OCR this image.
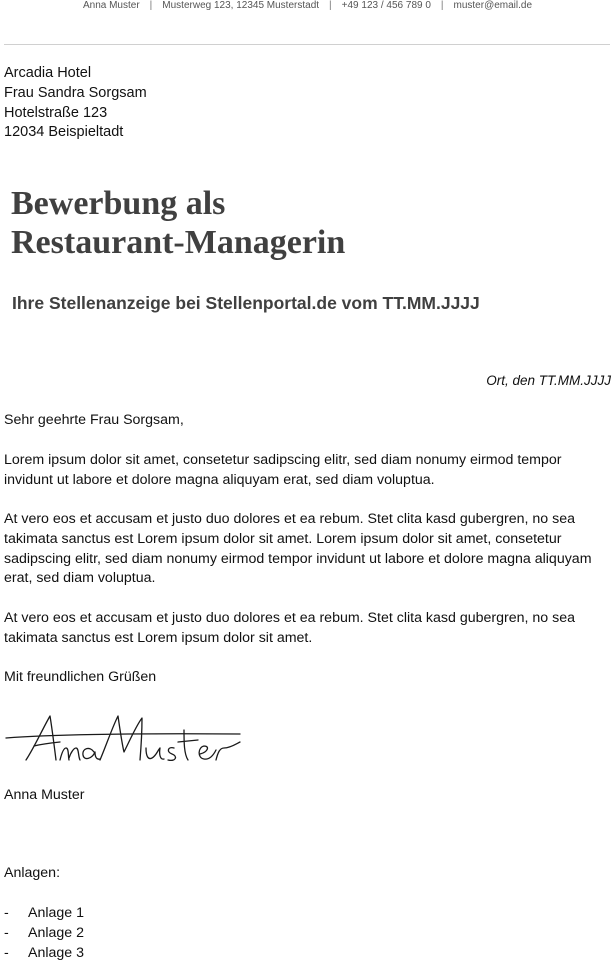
Anna Muster | Musterweg 123, 12345 Musterstadt | +49 123 / 456 789 0 | muster@email.de
Arcadia Hotel
Frau Sandra Sorgsam
Hotelstraße 123
12034 Beispieltadt
Bewerbung als
Restaurant-Managerin
Ihre Stellenanzeige bei Stellenportal.de vom TT.MM.JJJJ
Ort, den TT.MM.JJJJ
Sehr geehrte Frau Sorgsam,
Lorem ipsum dolor sit amet, consetetur sadipscing elitr, sed diam nonumy eirmod tempor invidunt ut labore et dolore magna aliquyam erat, sed diam voluptua.
At vero eos et accusam et justo duo dolores et ea rebum. Stet clita kasd gubergren, no sea takimata sanctus est Lorem ipsum dolor sit amet. Lorem ipsum dolor sit amet, consetetur sadipscing elitr, sed diam nonumy eirmod tempor invidunt ut labore et dolore magna aliquyam erat, sed diam voluptua.
At vero eos et accusam et justo duo dolores et ea rebum. Stet clita kasd gubergren, no sea takimata sanctus est Lorem ipsum dolor sit amet.
Mit freundlichen Grüßen
Anna Muster
Anlagen:
- Anlage 1
- Anlage 2
- Anlage 3
